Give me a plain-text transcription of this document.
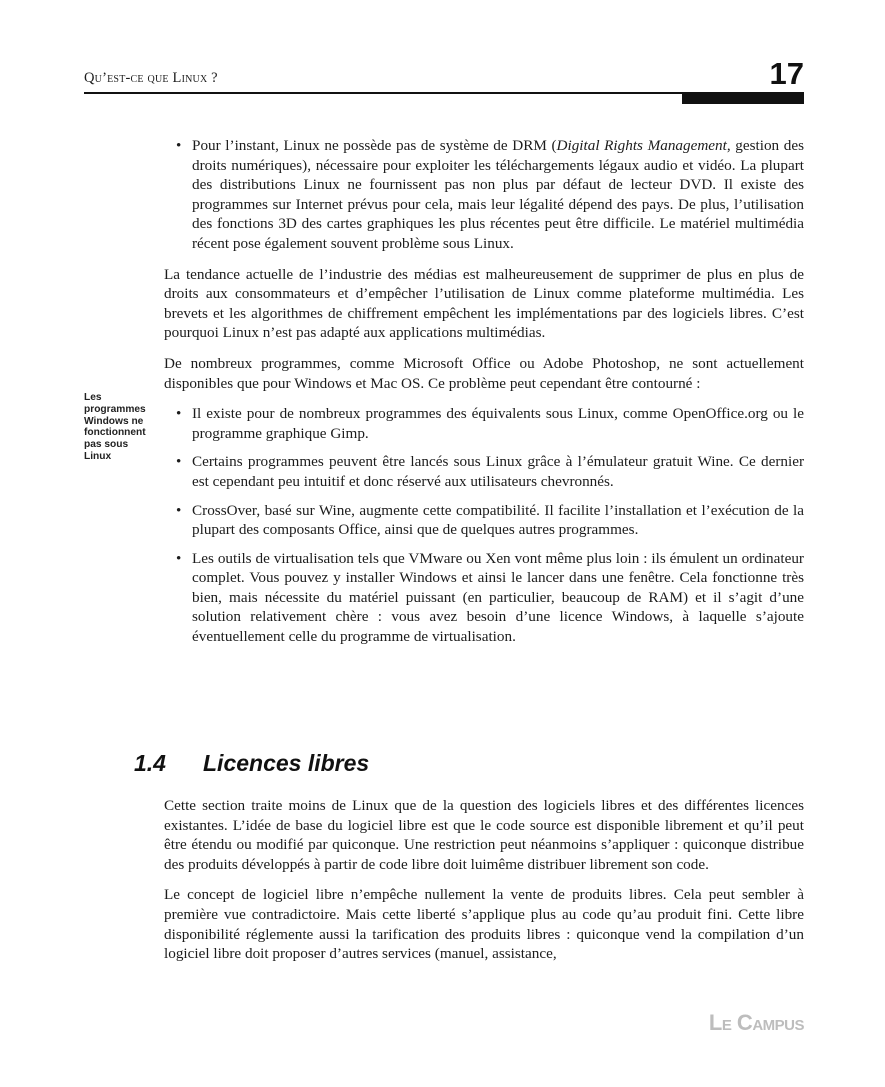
Qu’est-ce que Linux ?	17
Les programmes Windows ne fonctionnent pas sous Linux
• Pour l’instant, Linux ne possède pas de système de DRM (Digital Rights Management, gestion des droits numériques), nécessaire pour exploiter les téléchargements légaux audio et vidéo. La plupart des distributions Linux ne fournissent pas non plus par défaut de lecteur DVD. Il existe des programmes sur Internet prévus pour cela, mais leur légalité dépend des pays. De plus, l’utilisation des fonctions 3D des cartes graphiques les plus récentes peut être difficile. Le matériel multimédia récent pose également souvent problème sous Linux.

La tendance actuelle de l’industrie des médias est malheureusement de supprimer de plus en plus de droits aux consommateurs et d’empêcher l’utilisation de Linux comme plateforme multimédia. Les brevets et les algorithmes de chiffrement empêchent les implémentations par des logiciels libres. C’est pourquoi Linux n’est pas adapté aux applications multimédias.

De nombreux programmes, comme Microsoft Office ou Adobe Photoshop, ne sont actuellement disponibles que pour Windows et Mac OS. Ce problème peut cependant être contourné :

• Il existe pour de nombreux programmes des équivalents sous Linux, comme OpenOffice.org ou le programme graphique Gimp.
• Certains programmes peuvent être lancés sous Linux grâce à l’émulateur gratuit Wine. Ce dernier est cependant peu intuitif et donc réservé aux utilisateurs chevronnés.
• CrossOver, basé sur Wine, augmente cette compatibilité. Il facilite l’installation et l’exécution de la plupart des composants Office, ainsi que de quelques autres programmes.
• Les outils de virtualisation tels que VMware ou Xen vont même plus loin : ils émulent un ordinateur complet. Vous pouvez y installer Windows et ainsi le lancer dans une fenêtre. Cela fonctionne très bien, mais nécessite du matériel puissant (en particulier, beaucoup de RAM) et il s’agit d’une solution relativement chère : vous avez besoin d’une licence Windows, à laquelle s’ajoute éventuellement celle du programme de virtualisation.
1.4 Licences libres

Cette section traite moins de Linux que de la question des logiciels libres et des différentes licences existantes. L’idée de base du logiciel libre est que le code source est disponible librement et qu’il peut être étendu ou modifié par quiconque. Une restriction peut néanmoins s’appliquer : quiconque distribue des produits développés à partir de code libre doit luimême distribuer librement son code.

Le concept de logiciel libre n’empêche nullement la vente de produits libres. Cela peut sembler à première vue contradictoire. Mais cette liberté s’applique plus au code qu’au produit fini. Cette libre disponibilité réglemente aussi la tarification des produits libres : quiconque vend la compilation d’un logiciel libre doit proposer d’autres services (manuel, assistance,

Le Campus
